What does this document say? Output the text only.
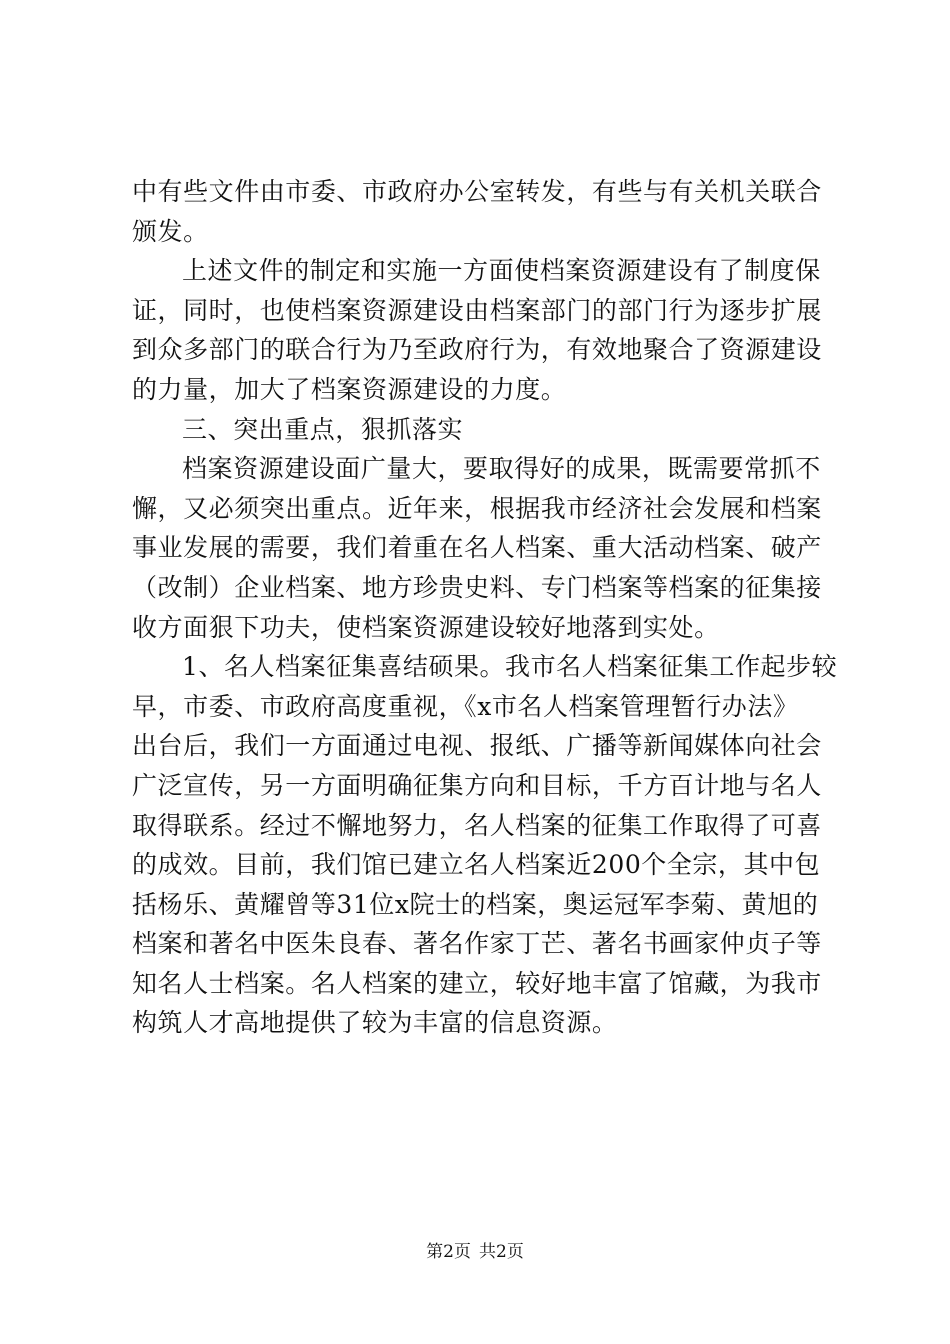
中有些文件由市委、市政府办公室转发，有些与有关机关联合
颁发。
上述文件的制定和实施一方面使档案资源建设有了制度保
证，同时，也使档案资源建设由档案部门的部门行为逐步扩展
到众多部门的联合行为乃至政府行为，有效地聚合了资源建设
的力量，加大了档案资源建设的力度。
三、突出重点，狠抓落实
档案资源建设面广量大，要取得好的成果，既需要常抓不
懈，又必须突出重点。近年来，根据我市经济社会发展和档案
事业发展的需要，我们着重在名人档案、重大活动档案、破产
（改制）企业档案、地方珍贵史料、专门档案等档案的征集接
收方面狠下功夫，使档案资源建设较好地落到实处。
1、名人档案征集喜结硕果。我市名人档案征集工作起步较
早，市委、市政府高度重视，《x市名人档案管理暂行办法》
出台后，我们一方面通过电视、报纸、广播等新闻媒体向社会
广泛宣传，另一方面明确征集方向和目标，千方百计地与名人
取得联系。经过不懈地努力，名人档案的征集工作取得了可喜
的成效。目前，我们馆已建立名人档案近200个全宗，其中包
括杨乐、黄耀曾等31位x院士的档案，奥运冠军李菊、黄旭的
档案和著名中医朱良春、著名作家丁芒、著名书画家仲贞子等
知名人士档案。名人档案的建立，较好地丰富了馆藏，为我市
构筑人才高地提供了较为丰富的信息资源。
第2页 共2页
